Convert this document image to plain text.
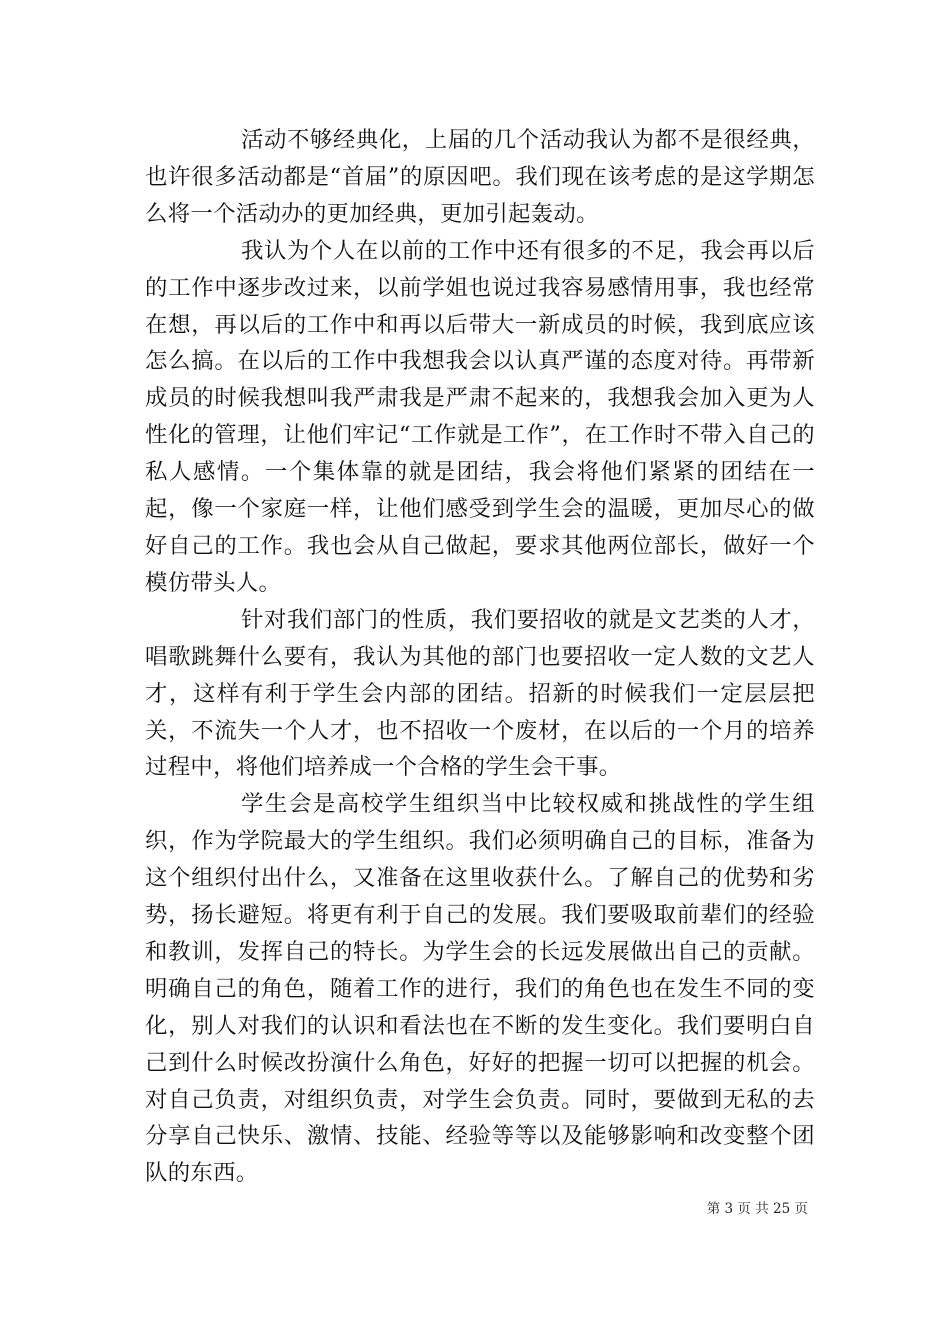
活动不够经典化，上届的几个活动我认为都不是很经典，也许很多活动都是“首届”的原因吧。我们现在该考虑的是这学期怎么将一个活动办的更加经典，更加引起轰动。

我认为个人在以前的工作中还有很多的不足，我会再以后的工作中逐步改过来，以前学姐也说过我容易感情用事，我也经常在想，再以后的工作中和再以后带大一新成员的时候，我到底应该怎么搞。在以后的工作中我想我会以认真严谨的态度对待。再带新成员的时候我想叫我严肃我是严肃不起来的，我想我会加入更为人性化的管理，让他们牢记“工作就是工作”，在工作时不带入自己的私人感情。一个集体靠的就是团结，我会将他们紧紧的团结在一起，像一个家庭一样，让他们感受到学生会的温暖，更加尽心的做好自己的工作。我也会从自己做起，要求其他两位部长，做好一个模仿带头人。

针对我们部门的性质，我们要招收的就是文艺类的人才，唱歌跳舞什么要有，我认为其他的部门也要招收一定人数的文艺人才，这样有利于学生会内部的团结。招新的时候我们一定层层把关，不流失一个人才，也不招收一个废材，在以后的一个月的培养过程中，将他们培养成一个合格的学生会干事。

学生会是高校学生组织当中比较权威和挑战性的学生组织，作为学院最大的学生组织。我们必须明确自己的目标，准备为这个组织付出什么，又准备在这里收获什么。了解自己的优势和劣势，扬长避短。将更有利于自己的发展。我们要吸取前辈们的经验和教训，发挥自己的特长。为学生会的长远发展做出自己的贡献。明确自己的角色，随着工作的进行，我们的角色也在发生不同的变化，别人对我们的认识和看法也在不断的发生变化。我们要明白自己到什么时候改扮演什么角色，好好的把握一切可以把握的机会。对自己负责，对组织负责，对学生会负责。同时，要做到无私的去分享自己快乐、激情、技能、经验等等以及能够影响和改变整个团队的东西。

第 3 页 共 25 页
